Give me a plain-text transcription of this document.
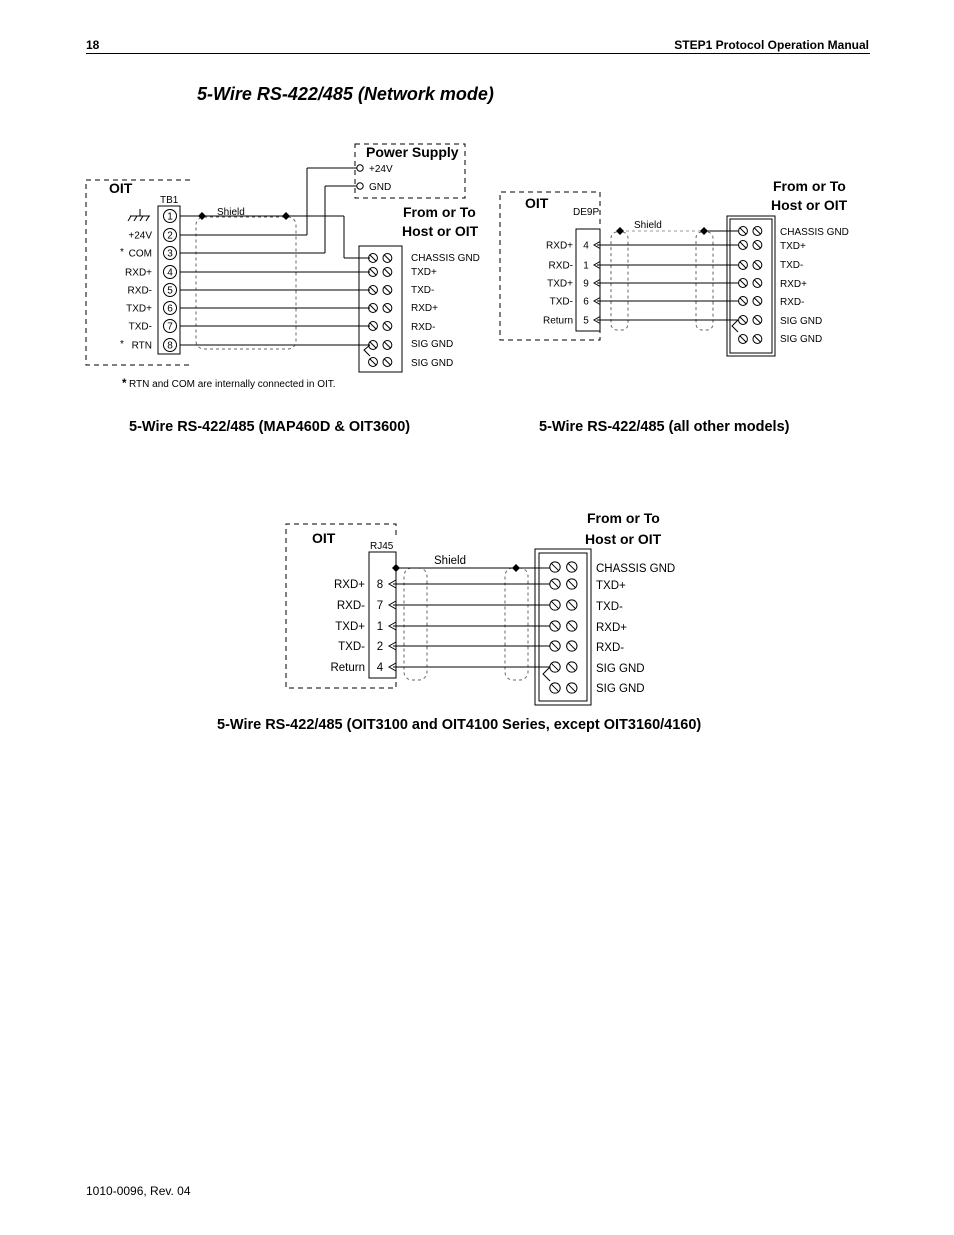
18	STEP1 Protocol Operation Manual
5-Wire RS-422/485 (Network mode)
OIT
TB1
1
2
+24V
3
COM
*
4
RXD+
5
RXD-
6
TXD+
7
TXD-
8
RTN
*
Shield
Power Supply
+24V
GND
From or To
Host or OIT
CHASSIS GND
TXD+
TXD-
RXD+
RXD-
SIG GND
SIG GND
* RTN and COM are internally connected in OIT.
OIT
DE9P
4
RXD+
1
RXD-
9
TXD+
6
TXD-
5
Return
Shield
From or To
Host or OIT
CHASSIS GND
TXD+
TXD-
RXD+
RXD-
SIG GND
SIG GND
OIT
RJ45
8
RXD+
7
RXD-
1
TXD+
2
TXD-
4
Return
Shield
From or To
Host or OIT
CHASSIS GND
TXD+
TXD-
RXD+
RXD-
SIG GND
SIG GND
5-Wire RS-422/485 (MAP460D & OIT3600)	5-Wire RS-422/485 (all other models)
5-Wire RS-422/485 (OIT3100 and OIT4100 Series, except OIT3160/4160)
1010-0096, Rev. 04
